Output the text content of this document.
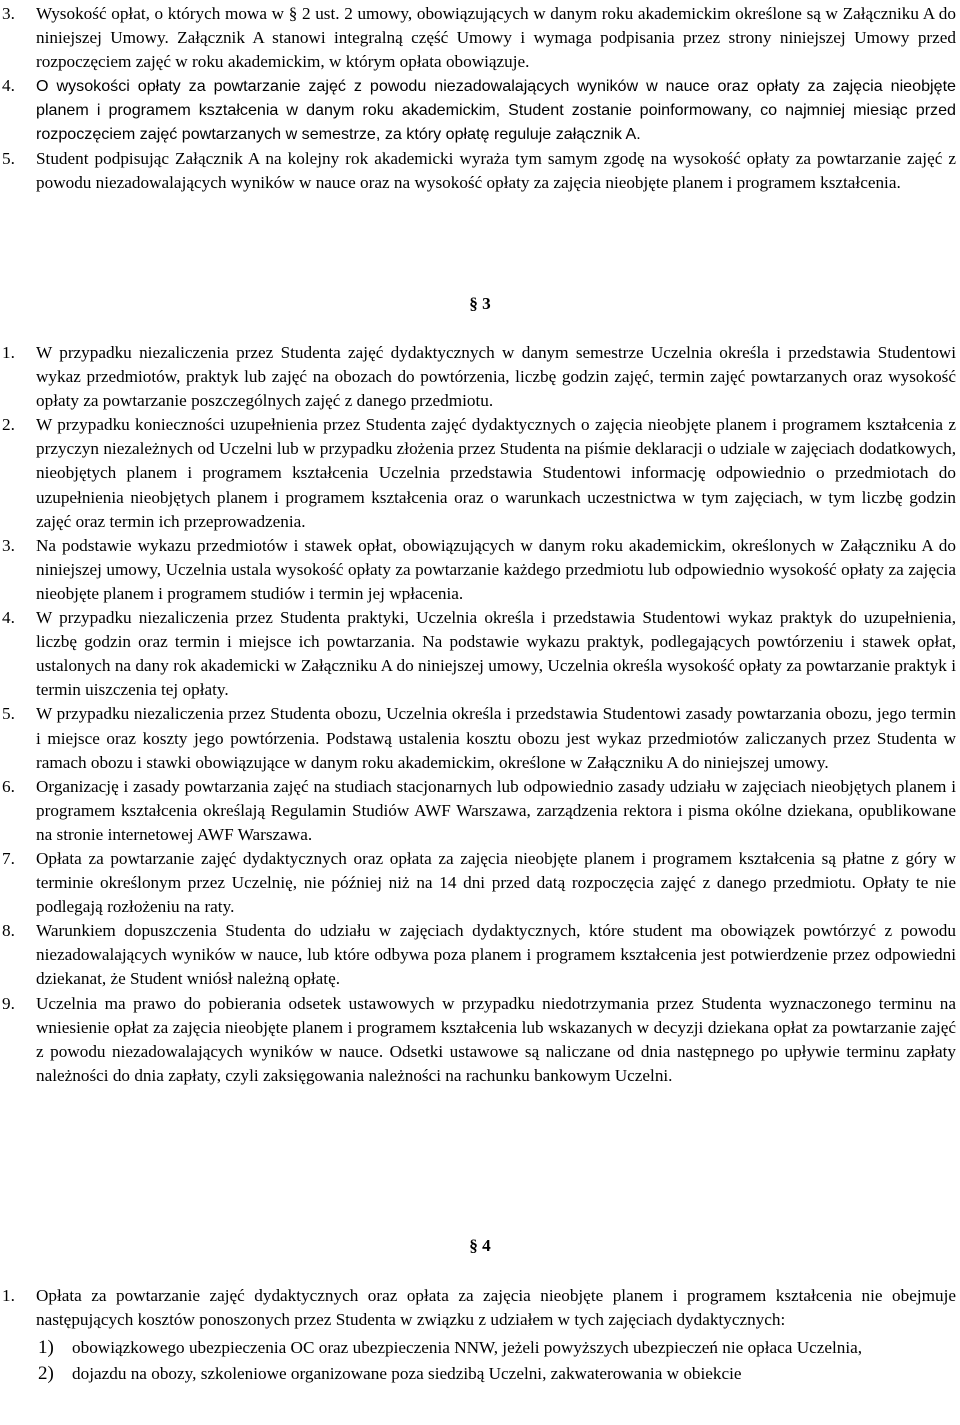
3.	Wysokość opłat, o których mowa w § 2 ust. 2 umowy, obowiązujących w danym roku akademickim określone są w Załączniku A do niniejszej Umowy. Załącznik A stanowi integralną część Umowy i wymaga podpisania przez strony niniejszej Umowy przed rozpoczęciem zajęć w roku akademickim, w którym opłata obowiązuje.
4.	O wysokości opłaty za powtarzanie zajęć z powodu niezadowalających wyników w nauce oraz opłaty za zajęcia nieobjęte planem i programem kształcenia w danym roku akademickim, Student zostanie poinformowany, co najmniej miesiąc przed rozpoczęciem zajęć powtarzanych w semestrze, za który opłatę reguluje załącznik A.
5.	Student podpisując Załącznik A na kolejny rok akademicki wyraża tym samym zgodę na wysokość opłaty za powtarzanie zajęć z powodu niezadowalających wyników w nauce oraz na wysokość opłaty za zajęcia nieobjęte planem i programem kształcenia.
§ 3
1.	W przypadku niezaliczenia przez Studenta zajęć dydaktycznych w danym semestrze Uczelnia określa i przedstawia Studentowi wykaz przedmiotów, praktyk lub zajęć na obozach do powtórzenia, liczbę godzin zajęć, termin zajęć powtarzanych oraz wysokość opłaty za powtarzanie poszczególnych zajęć z danego przedmiotu.
2.	W przypadku konieczności uzupełnienia przez Studenta zajęć dydaktycznych o zajęcia nieobjęte planem i programem kształcenia z przyczyn niezależnych od Uczelni lub w przypadku złożenia przez Studenta na piśmie deklaracji o udziale w zajęciach dodatkowych, nieobjętych planem i programem kształcenia Uczelnia przedstawia Studentowi informację odpowiednio o przedmiotach do uzupełnienia nieobjętych planem i programem kształcenia oraz o warunkach uczestnictwa w tym zajęciach, w tym liczbę godzin zajęć oraz termin ich przeprowadzenia.
3.	Na podstawie wykazu przedmiotów i stawek opłat, obowiązujących w danym roku akademickim, określonych w Załączniku A do niniejszej umowy, Uczelnia ustala wysokość opłaty za powtarzanie każdego przedmiotu lub odpowiednio wysokość opłaty za zajęcia nieobjęte planem i programem studiów i termin jej wpłacenia.
4.	W przypadku niezaliczenia przez Studenta praktyki, Uczelnia określa i przedstawia Studentowi wykaz praktyk do uzupełnienia, liczbę godzin oraz termin i miejsce ich powtarzania. Na podstawie wykazu praktyk, podlegających powtórzeniu i stawek opłat, ustalonych na dany rok akademicki w Załączniku A do niniejszej umowy, Uczelnia określa wysokość opłaty za powtarzanie praktyk i termin uiszczenia tej opłaty.
5.	W przypadku niezaliczenia przez Studenta obozu, Uczelnia określa i przedstawia Studentowi zasady powtarzania obozu, jego termin i miejsce oraz koszty jego powtórzenia. Podstawą ustalenia kosztu obozu jest wykaz przedmiotów zaliczanych przez Studenta w ramach obozu i stawki obowiązujące w danym roku akademickim, określone w Załączniku A do niniejszej umowy.
6.	Organizację i zasady powtarzania zajęć na studiach stacjonarnych lub odpowiednio zasady udziału w zajęciach nieobjętych planem i programem kształcenia określają Regulamin Studiów AWF Warszawa, zarządzenia rektora i pisma okólne dziekana, opublikowane na stronie internetowej AWF Warszawa.
7.	Opłata za powtarzanie zajęć dydaktycznych oraz opłata za zajęcia nieobjęte planem i programem kształcenia są płatne z góry w terminie określonym przez Uczelnię, nie później niż na 14 dni przed datą rozpoczęcia zajęć z danego przedmiotu. Opłaty te nie podlegają rozłożeniu na raty.
8.	Warunkiem dopuszczenia Studenta do udziału w zajęciach dydaktycznych, które student ma obowiązek powtórzyć z powodu niezadowalających wyników w nauce, lub które odbywa poza planem i programem kształcenia jest potwierdzenie przez odpowiedni dziekanat, że Student wniósł należną opłatę.
9.	Uczelnia ma prawo do pobierania odsetek ustawowych w przypadku niedotrzymania przez Studenta wyznaczonego terminu na wniesienie opłat za zajęcia nieobjęte planem i programem kształcenia lub wskazanych w decyzji dziekana opłat za powtarzanie zajęć z powodu niezadowalających wyników w nauce. Odsetki ustawowe są naliczane od dnia następnego po upływie terminu zapłaty należności do dnia zapłaty, czyli zaksięgowania należności na rachunku bankowym Uczelni.
§ 4
1.	Opłata za powtarzanie zajęć dydaktycznych oraz opłata za zajęcia nieobjęte planem i programem kształcenia nie obejmuje następujących kosztów ponoszonych przez Studenta w związku z udziałem w tych zajęciach dydaktycznych:
1)	obowiązkowego ubezpieczenia OC oraz ubezpieczenia NNW, jeżeli powyższych ubezpieczeń nie opłaca Uczelnia,
2)	dojazdu na obozy, szkoleniowe organizowane poza siedzibą Uczelni, zakwaterowania w obiekcie
